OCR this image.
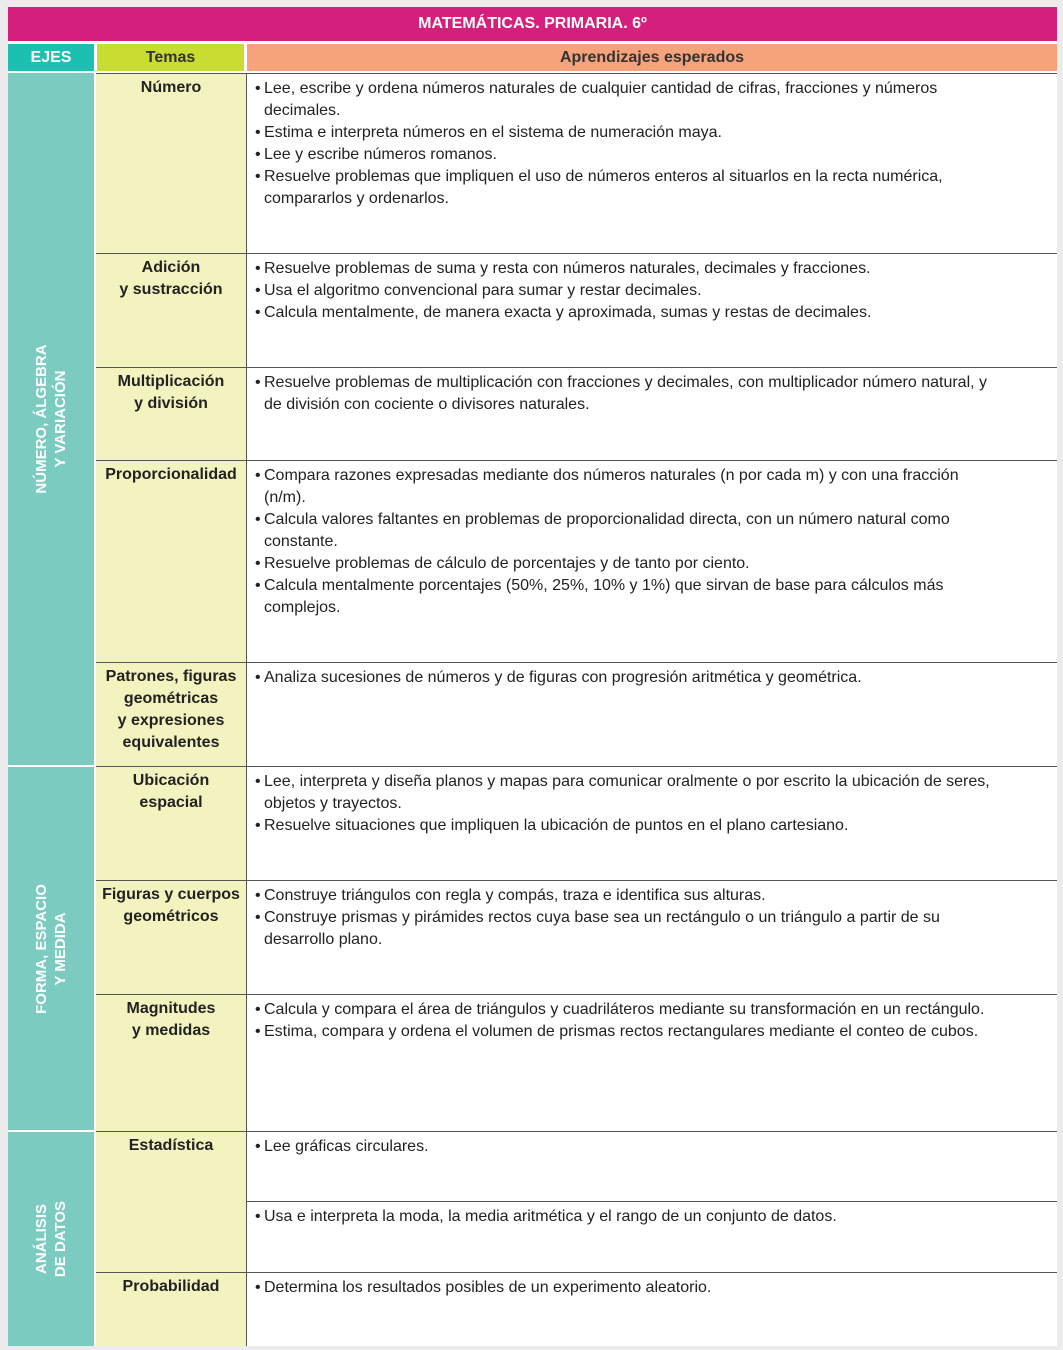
MATEMÁTICAS. PRIMARIA. 6º
EJES	Temas	Aprendizajes esperados
NÚMERO, ÁLGEBRA
Y VARIACIÓN
FORMA, ESPACIO
Y MEDIDA
ANÁLISIS
DE DATOS
Número
Adición
y sustracción
Multiplicación
y división
Proporcionalidad
Patrones, figuras
geométricas
y expresiones
equivalentes
Ubicación
espacial
Figuras y cuerpos
geométricos
Magnitudes
y medidas
Estadística
Probabilidad
• Lee, escribe y ordena números naturales de cualquier cantidad de cifras, fracciones y números decimales.
• Estima e interpreta números en el sistema de numeración maya.
• Lee y escribe números romanos.
• Resuelve problemas que impliquen el uso de números enteros al situarlos en la recta numérica, compararlos y ordenarlos.
• Resuelve problemas de suma y resta con números naturales, decimales y fracciones.
• Usa el algoritmo convencional para sumar y restar decimales.
• Calcula mentalmente, de manera exacta y aproximada, sumas y restas de decimales.
• Resuelve problemas de multiplicación con fracciones y decimales, con multiplicador número natural, y de división con cociente o divisores naturales.
• Compara razones expresadas mediante dos números naturales (n por cada m) y con una fracción (n/m).
• Calcula valores faltantes en problemas de proporcionalidad directa, con un número natural como constante.
• Resuelve problemas de cálculo de porcentajes y de tanto por ciento.
• Calcula mentalmente porcentajes (50%, 25%, 10% y 1%) que sirvan de base para cálculos más complejos.
• Analiza sucesiones de números y de figuras con progresión aritmética y geométrica.
• Lee, interpreta y diseña planos y mapas para comunicar oralmente o por escrito la ubicación de seres, objetos y trayectos.
• Resuelve situaciones que impliquen la ubicación de puntos en el plano cartesiano.
• Construye triángulos con regla y compás, traza e identifica sus alturas.
• Construye prismas y pirámides rectos cuya base sea un rectángulo o un triángulo a partir de su desarrollo plano.
• Calcula y compara el área de triángulos y cuadriláteros mediante su transformación en un rectángulo.
• Estima, compara y ordena el volumen de prismas rectos rectangulares mediante el conteo de cubos.
• Lee gráficas circulares.
• Usa e interpreta la moda, la media aritmética y el rango de un conjunto de datos.
• Determina los resultados posibles de un experimento aleatorio.
